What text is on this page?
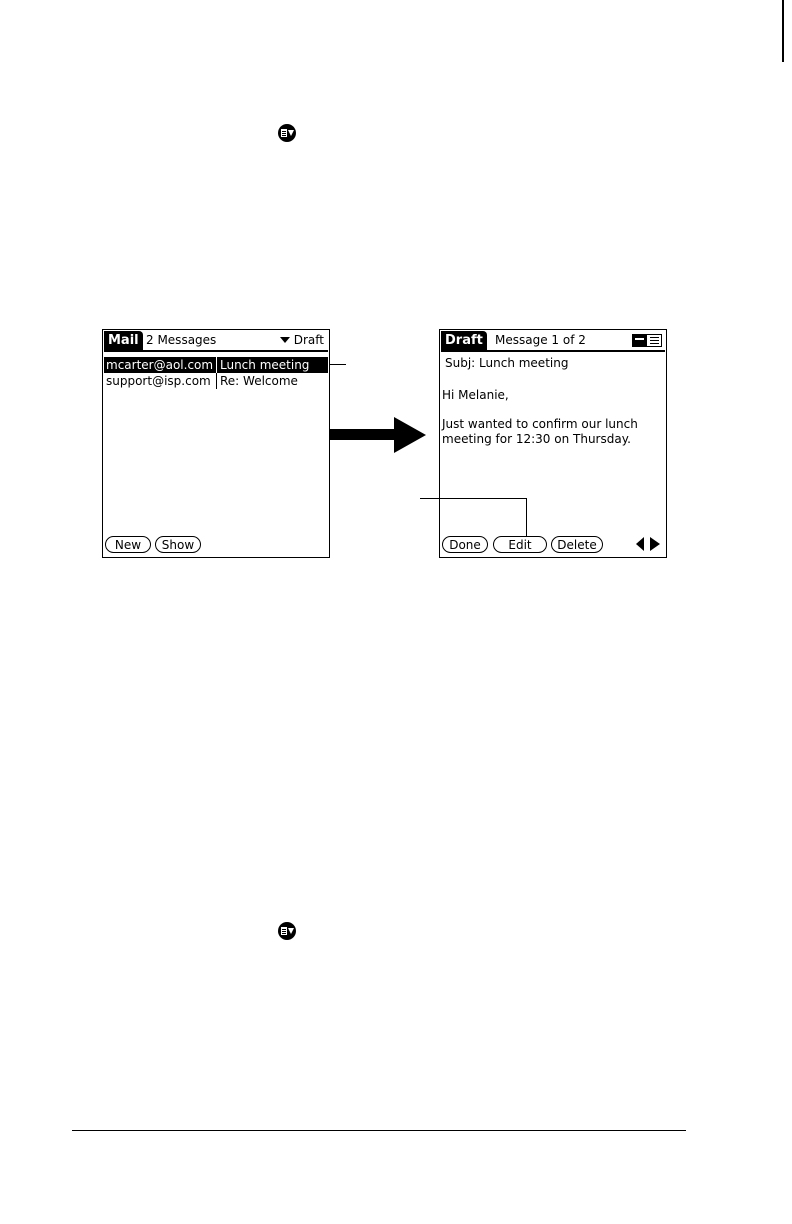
Mail 2 Messages	Draft
mcarter@aol.com Lunch meeting
support@isp.com Re: Welcome
New	Show
Draft	Message 1 of 2
Subj: Lunch meeting
Hi Melanie,
Just wanted to confirm our lunch
meeting for 12:30 on Thursday.
Done	Edit	Delete
